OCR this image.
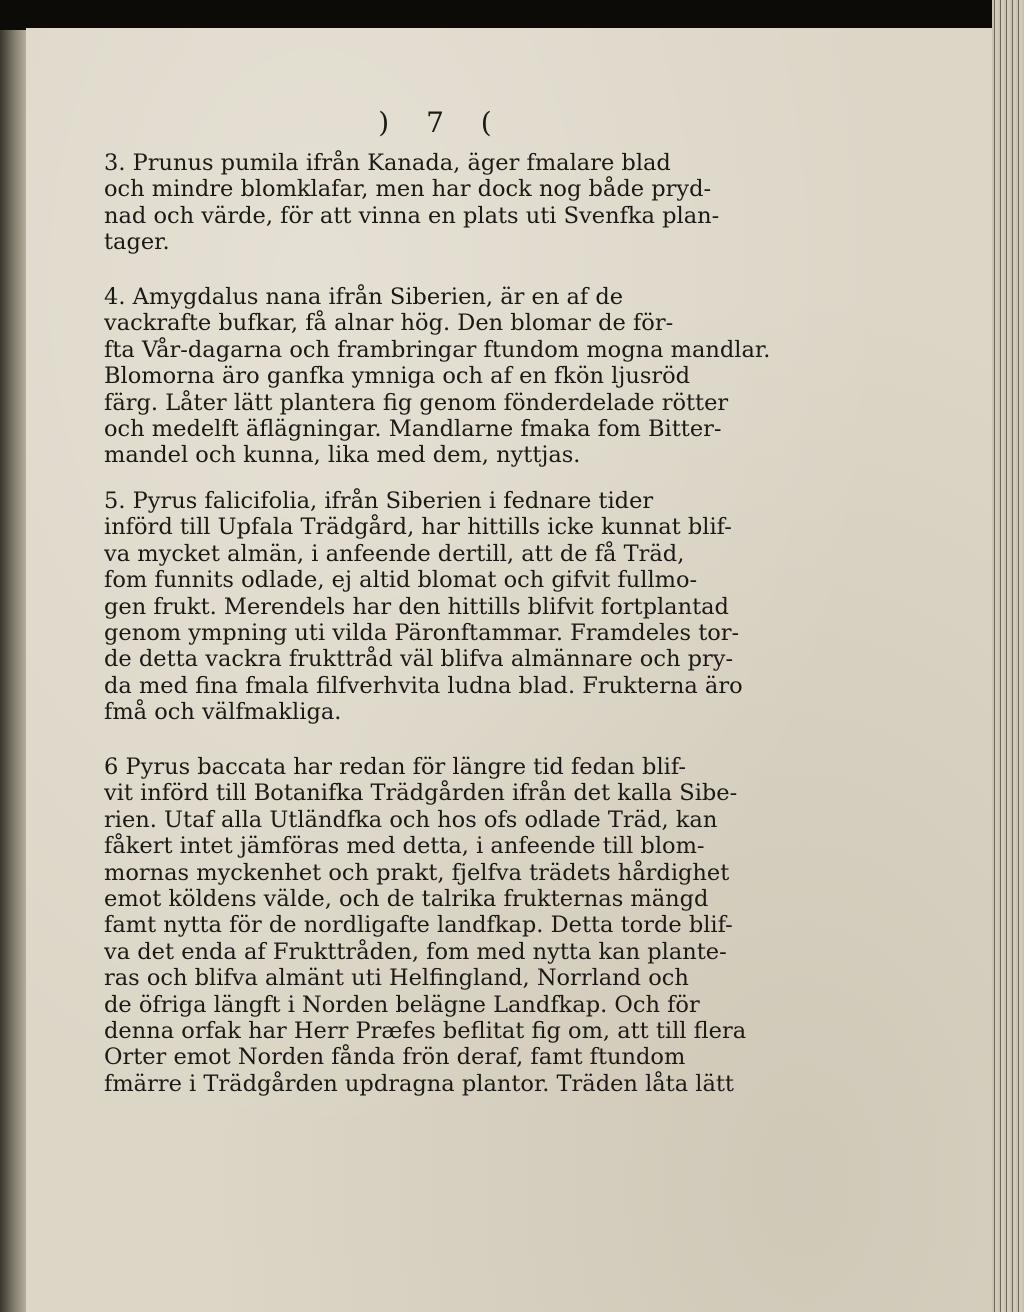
) 7 (
3. Prunus pumila ifrån Kanada, äger fmalare blad
och mindre blomklafar, men har dock nog både pryd-
nad och värde, för att vinna en plats uti Svenfka plan-
tager.
4. Amygdalus nana ifrån Siberien, är en af de
vackrafte bufkar, få alnar hög. Den blomar de för-
fta Vår-dagarna och frambringar ftundom mogna mandlar.
Blomorna äro ganfka ymniga och af en fkön ljusröd
färg. Låter lätt plantera fig genom fönderdelade rötter
och medelft äflägningar. Mandlarne fmaka fom Bitter-
mandel och kunna, lika med dem, nyttjas.
5. Pyrus falicifolia, ifrån Siberien i fednare tider
införd till Upfala Trädgård, har hittills icke kunnat blif-
va mycket almän, i anfeende dertill, att de få Träd,
fom funnits odlade, ej altid blomat och gifvit fullmo-
gen frukt. Merendels har den hittills blifvit fortplantad
genom ympning uti vilda Päronftammar. Framdeles tor-
de detta vackra frukttråd väl blifva almännare och pry-
da med fina fmala filfverhvita ludna blad. Frukterna äro
fmå och välfmakliga.
6 Pyrus baccata har redan för längre tid fedan blif-
vit införd till Botanifka Trädgården ifrån det kalla Sibe-
rien. Utaf alla Utländfka och hos ofs odlade Träd, kan
fåkert intet jämföras med detta, i anfeende till blom-
mornas myckenhet och prakt, fjelfva trädets hårdighet
emot köldens välde, och de talrika frukternas mängd
famt nytta för de nordligafte landfkap. Detta torde blif-
va det enda af Frukttråden, fom med nytta kan plante-
ras och blifva almänt uti Helfingland, Norrland och
de öfriga längft i Norden belägne Landfkap. Och för
denna orfak har Herr Præfes beflitat fig om, att till flera
Orter emot Norden fånda frön deraf, famt ftundom
fmärre i Trädgården updragna plantor. Träden låta lätt
